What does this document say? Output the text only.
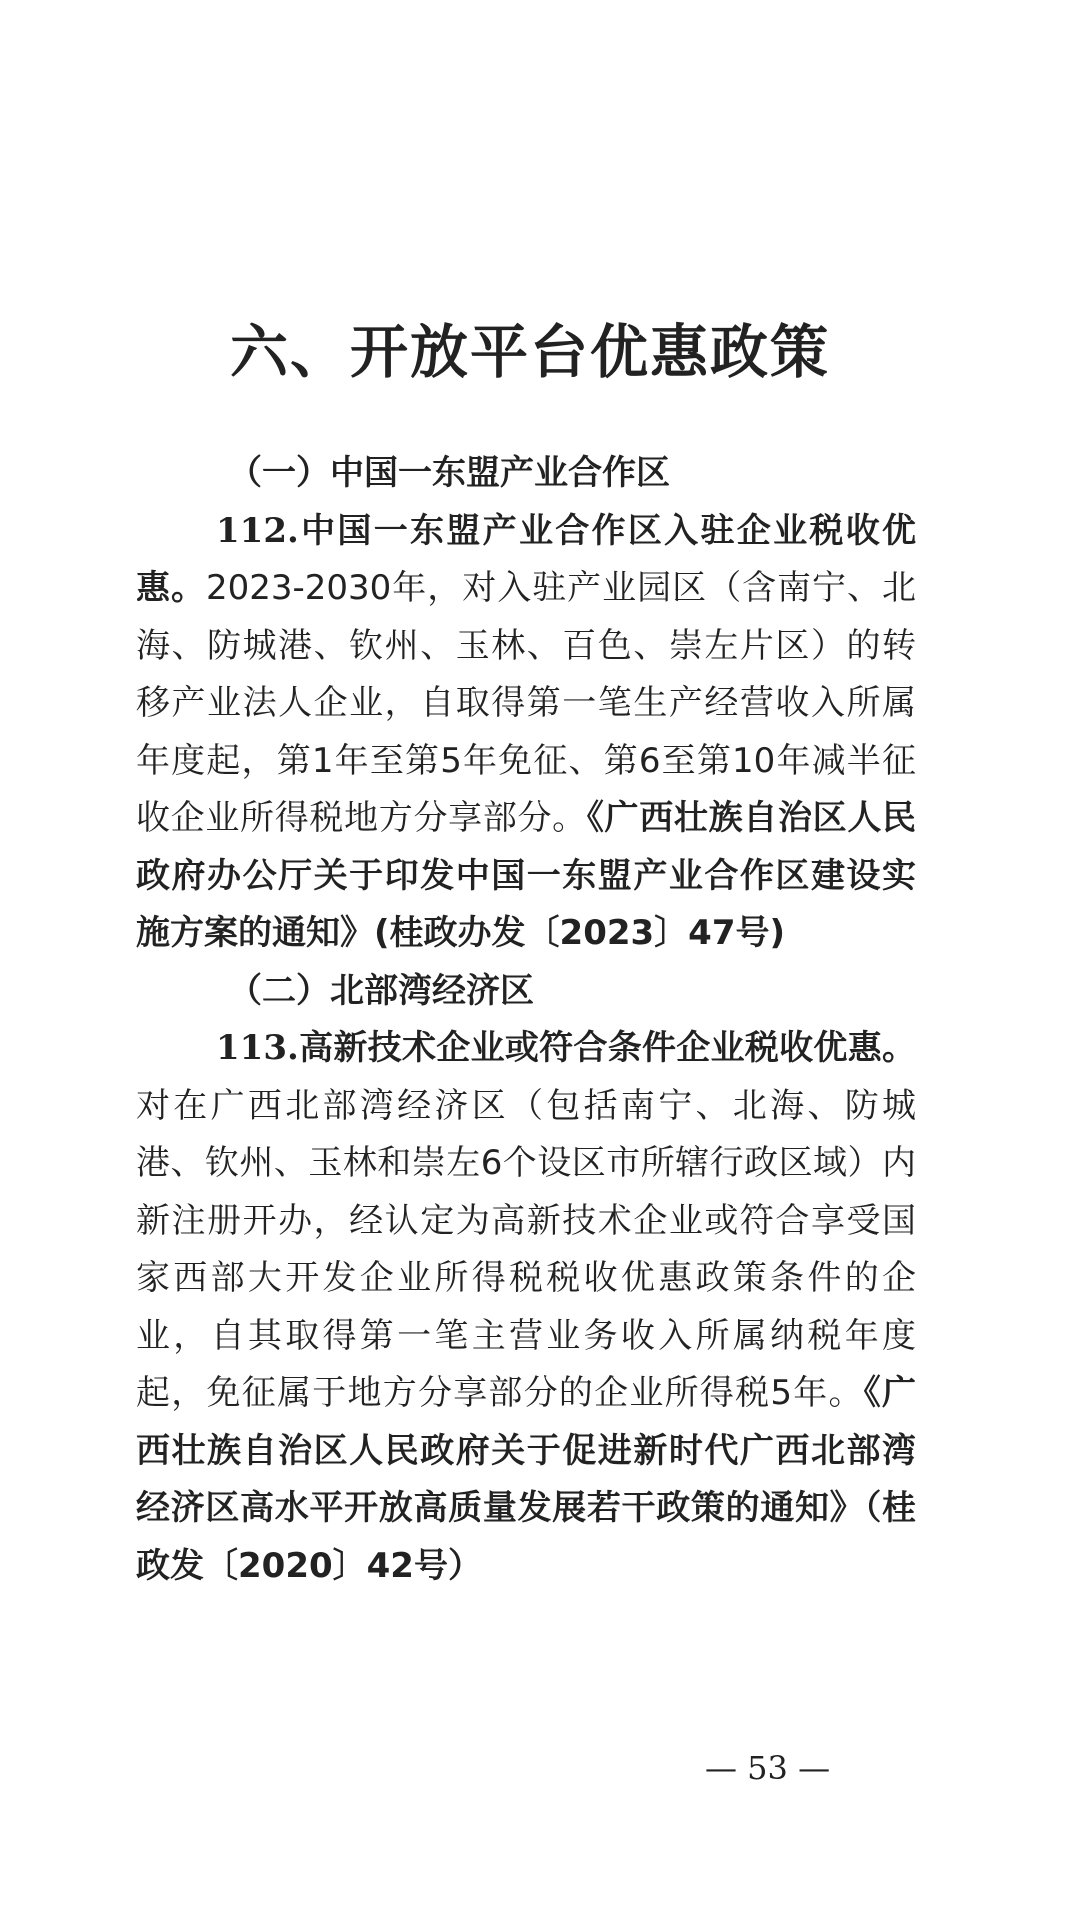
六、开放平台优惠政策

（一）中国一东盟产业合作区

112.中国一东盟产业合作区入驻企业税收优惠。2023-2030年，对入驻产业园区（含南宁、北海、防城港、钦州、玉林、百色、崇左片区）的转移产业法人企业，自取得第一笔生产经营收入所属年度起，第1年至第5年免征、第6至第10年减半征收企业所得税地方分享部分。《广西壮族自治区人民政府办公厅关于印发中国一东盟产业合作区建设实施方案的通知》(桂政办发〔2023〕47号)

（二）北部湾经济区

113.高新技术企业或符合条件企业税收优惠。对在广西北部湾经济区（包括南宁、北海、防城港、钦州、玉林和崇左6个设区市所辖行政区域）内新注册开办，经认定为高新技术企业或符合享受国家西部大开发企业所得税税收优惠政策条件的企业，自其取得第一笔主营业务收入所属纳税年度起，免征属于地方分享部分的企业所得税5年。《广西壮族自治区人民政府关于促进新时代广西北部湾经济区高水平开放高质量发展若干政策的通知》（桂政发〔2020〕42号）

— 53 —
